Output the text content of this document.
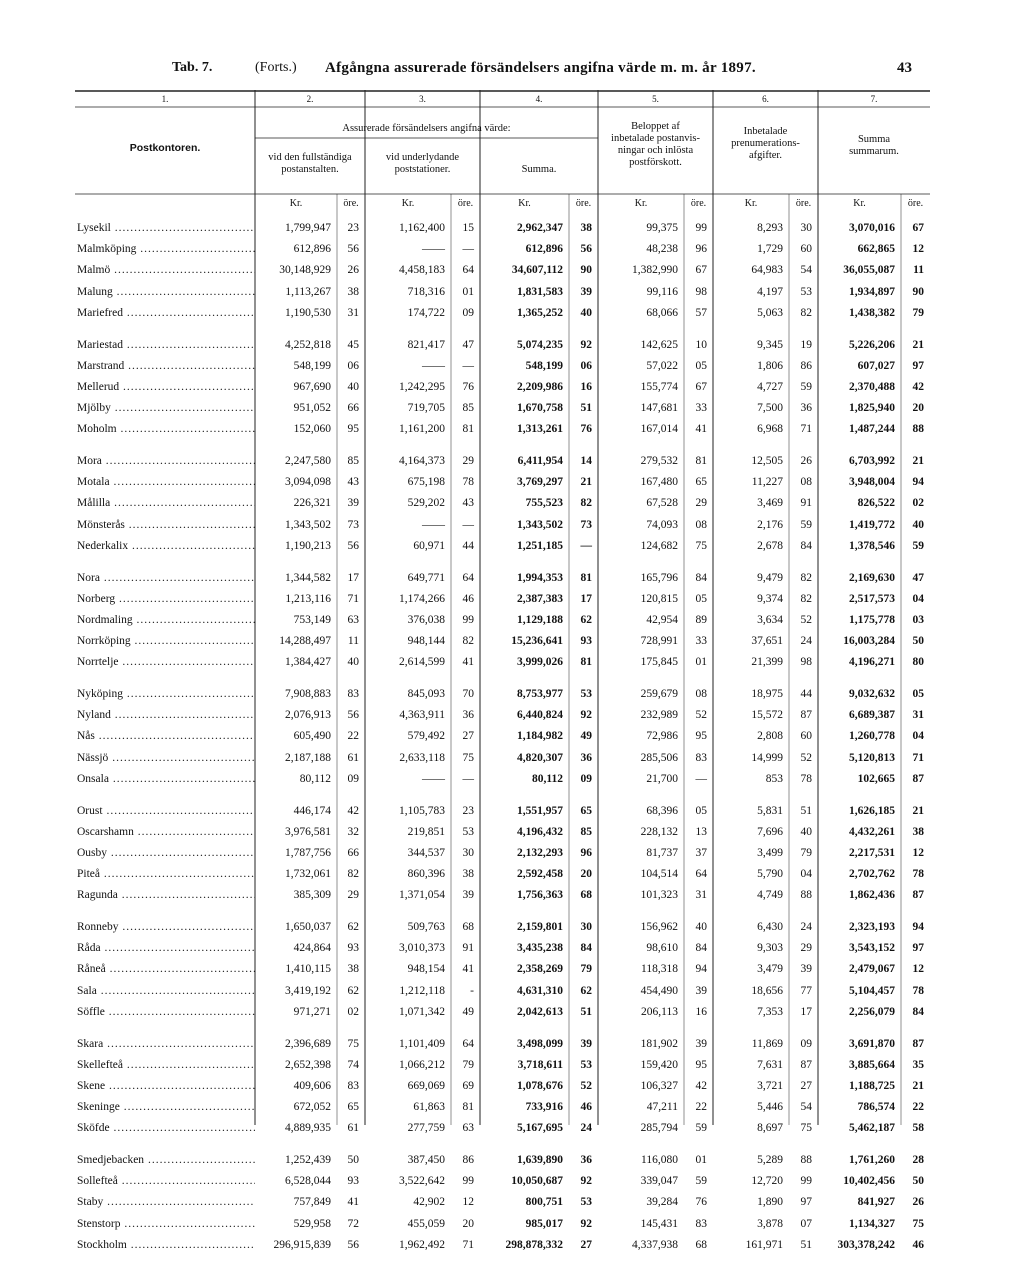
Tab. 7.	(Forts.) Afgångna assurerade försändelsers angifna värde m. m. år 1897.	43
1.	2.	3.	4.	5.	6.	7.
Postkontoren.
Assurerade försändelsers angifna värde:
vid den fullständiga
postanstalten.
vid underlydande
poststationer.	Summa.
Beloppet af
inbetalade postanvis-
ningar och inlösta
postförskott.
Inbetalade
prenumerations-
afgifter.
Summa
summarum.
Kr.	öre.	Kr.	öre.	Kr.	öre.	Kr.	öre.	Kr.	öre.	Kr.	öre.
Lysekil .....	1,799,947	23	1,162,400	15	2,962,347	38	99,375	99	8,293	30	3,070,016	67
Malmköping .....	612,896	56	——	—	612,896	56	48,238	96	1,729	60	662,865	12
Malmö .....	30,148,929	26	4,458,183	64	34,607,112	90	1,382,990	67	64,983	54	36,055,087	11
Malung .....	1,113,267	38	718,316	01	1,831,583	39	99,116	98	4,197	53	1,934,897	90
Mariefred .....	1,190,530	31	174,722	09	1,365,252	40	68,066	57	5,063	82	1,438,382	79
Mariestad .....	4,252,818	45	821,417	47	5,074,235	92	142,625	10	9,345	19	5,226,206	21
Marstrand .....	548,199	06	——	—	548,199	06	57,022	05	1,806	86	607,027	97
Mellerud .....	967,690	40	1,242,295	76	2,209,986	16	155,774	67	4,727	59	2,370,488	42
Mjölby .....	951,052	66	719,705	85	1,670,758	51	147,681	33	7,500	36	1,825,940	20
Moholm .....	152,060	95	1,161,200	81	1,313,261	76	167,014	41	6,968	71	1,487,244	88
Mora .....	2,247,580	85	4,164,373	29	6,411,954	14	279,532	81	12,505	26	6,703,992	21
Motala .....	3,094,098	43	675,198	78	3,769,297	21	167,480	65	11,227	08	3,948,004	94
Målilla .....	226,321	39	529,202	43	755,523	82	67,528	29	3,469	91	826,522	02
Mönsterås .....	1,343,502	73	——	—	1,343,502	73	74,093	08	2,176	59	1,419,772	40
Nederkalix .....	1,190,213	56	60,971	44	1,251,185	—	124,682	75	2,678	84	1,378,546	59
Nora .....	1,344,582	17	649,771	64	1,994,353	81	165,796	84	9,479	82	2,169,630	47
Norberg .....	1,213,116	71	1,174,266	46	2,387,383	17	120,815	05	9,374	82	2,517,573	04
Nordmaling .....	753,149	63	376,038	99	1,129,188	62	42,954	89	3,634	52	1,175,778	03
Norrköping .....	14,288,497	11	948,144	82	15,236,641	93	728,991	33	37,651	24	16,003,284	50
Norrtelje .....	1,384,427	40	2,614,599	41	3,999,026	81	175,845	01	21,399	98	4,196,271	80
Nyköping .....	7,908,883	83	845,093	70	8,753,977	53	259,679	08	18,975	44	9,032,632	05
Nyland .....	2,076,913	56	4,363,911	36	6,440,824	92	232,989	52	15,572	87	6,689,387	31
Nås .....	605,490	22	579,492	27	1,184,982	49	72,986	95	2,808	60	1,260,778	04
Nässjö .....	2,187,188	61	2,633,118	75	4,820,307	36	285,506	83	14,999	52	5,120,813	71
Onsala .....	80,112	09	——	—	80,112	09	21,700	—	853	78	102,665	87
Orust .....	446,174	42	1,105,783	23	1,551,957	65	68,396	05	5,831	51	1,626,185	21
Oscarshamn .....	3,976,581	32	219,851	53	4,196,432	85	228,132	13	7,696	40	4,432,261	38
Ousby .....	1,787,756	66	344,537	30	2,132,293	96	81,737	37	3,499	79	2,217,531	12
Piteå .....	1,732,061	82	860,396	38	2,592,458	20	104,514	64	5,790	04	2,702,762	78
Ragunda .....	385,309	29	1,371,054	39	1,756,363	68	101,323	31	4,749	88	1,862,436	87
Ronneby .....	1,650,037	62	509,763	68	2,159,801	30	156,962	40	6,430	24	2,323,193	94
Råda .....	424,864	93	3,010,373	91	3,435,238	84	98,610	84	9,303	29	3,543,152	97
Råneå .....	1,410,115	38	948,154	41	2,358,269	79	118,318	94	3,479	39	2,479,067	12
Sala .....	3,419,192	62	1,212,118	-	4,631,310	62	454,490	39	18,656	77	5,104,457	78
Söffle .....	971,271	02	1,071,342	49	2,042,613	51	206,113	16	7,353	17	2,256,079	84
Skara .....	2,396,689	75	1,101,409	64	3,498,099	39	181,902	39	11,869	09	3,691,870	87
Skellefteå .....	2,652,398	74	1,066,212	79	3,718,611	53	159,420	95	7,631	87	3,885,664	35
Skene .....	409,606	83	669,069	69	1,078,676	52	106,327	42	3,721	27	1,188,725	21
Skeninge .....	672,052	65	61,863	81	733,916	46	47,211	22	5,446	54	786,574	22
Sköfde .....	4,889,935	61	277,759	63	5,167,695	24	285,794	59	8,697	75	5,462,187	58
Smedjebacken .....	1,252,439	50	387,450	86	1,639,890	36	116,080	01	5,289	88	1,761,260	28
Sollefteå .....	6,528,044	93	3,522,642	99	10,050,687	92	339,047	59	12,720	99	10,402,456	50
Staby .....	757,849	41	42,902	12	800,751	53	39,284	76	1,890	97	841,927	26
Stenstorp .....	529,958	72	455,059	20	985,017	92	145,431	83	3,878	07	1,134,327	75
Stockholm .....	296,915,839	56	1,962,492	71	298,878,332	27	4,337,938	68	161,971	51	303,378,242	46
